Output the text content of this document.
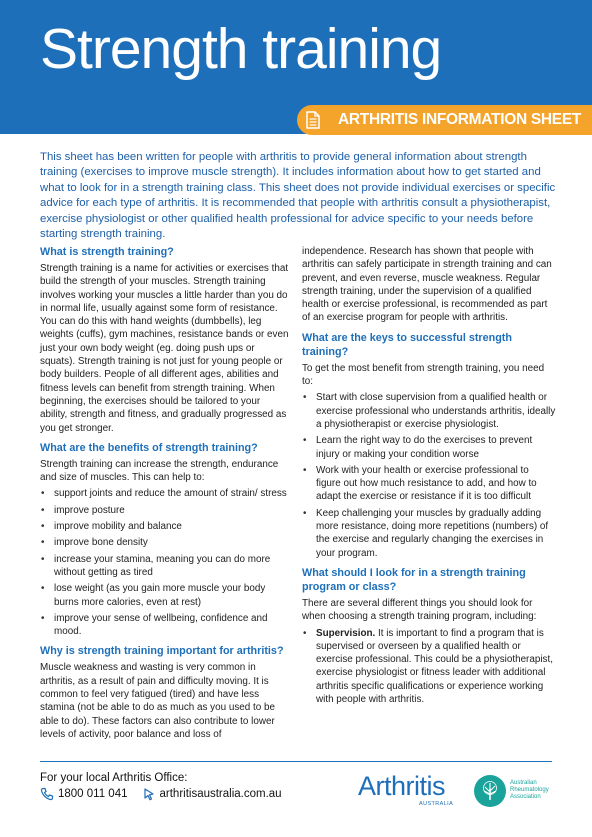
Strength training
ARTHRITIS INFORMATION SHEET

This sheet has been written for people with arthritis to provide general information about strength training (exercises to improve muscle strength). It includes information about how to get started and what to look for in a strength training class. This sheet does not provide individual exercises or specific advice for each type of arthritis. It is recommended that people with arthritis consult a physiotherapist, exercise physiologist or other qualified health professional for advice specific to your needs before starting strength training.

What is strength training?

Strength training is a name for activities or exercises that build the strength of your muscles. Strength training involves working your muscles a little harder than you do in normal life, usually against some form of resistance. You can do this with hand weights (dumbbells), leg weights (cuffs), gym machines, resistance bands or even just your own body weight (eg. doing push ups or squats). Strength training is not just for young people or body builders. People of all different ages, abilities and fitness levels can benefit from strength training. When beginning, the exercises should be tailored to your ability, strength and fitness, and gradually progressed as you get stronger.

What are the benefits of strength training?

Strength training can increase the strength, endurance and size of muscles. This can help to:

• support joints and reduce the amount of strain/ stress
• improve posture
• improve mobility and balance
• improve bone density
• increase your stamina, meaning you can do more without getting as tired
• lose weight (as you gain more muscle your body burns more calories, even at rest)
• improve your sense of wellbeing, confidence and mood.
Why is strength training important for arthritis?

Muscle weakness and wasting is very common in arthritis, as a result of pain and difficulty moving. It is common to feel very fatigued (tired) and have less stamina (not be able to do as much as you used to be able to do). These factors can also contribute to lower levels of activity, poor balance and loss of

independence. Research has shown that people with arthritis can safely participate in strength training and can prevent, and even reverse, muscle weakness. Regular strength training, under the supervision of a qualified health or exercise professional, is recommended as part of an exercise program for people with arthritis.

What are the keys to successful strength training?

To get the most benefit from strength training, you need to:

• Start with close supervision from a qualified health or exercise professional who understands arthritis, ideally a physiotherapist or exercise physiologist.
• Learn the right way to do the exercises to prevent injury or making your condition worse
• Work with your health or exercise professional to figure out how much resistance to add, and how to adapt the exercise or resistance if it is too difficult
• Keep challenging your muscles by gradually adding more resistance, doing more repetitions (numbers) of the exercise and regularly changing the exercises in your program.
What should I look for in a strength training program or class?

There are several different things you should look for when choosing a strength training program, including:

• Supervision. It is important to find a program that is supervised or overseen by a qualified health or exercise professional. This could be a physiotherapist, exercise physiologist or fitness leader with additional arthritis specific qualifications or experience working with people with arthritis.
For your local Arthritis Office:
1800 011 041	arthritisaustralia.com.au	Arthritis
AUSTRALIA
Australian
Rheumatology
Association
